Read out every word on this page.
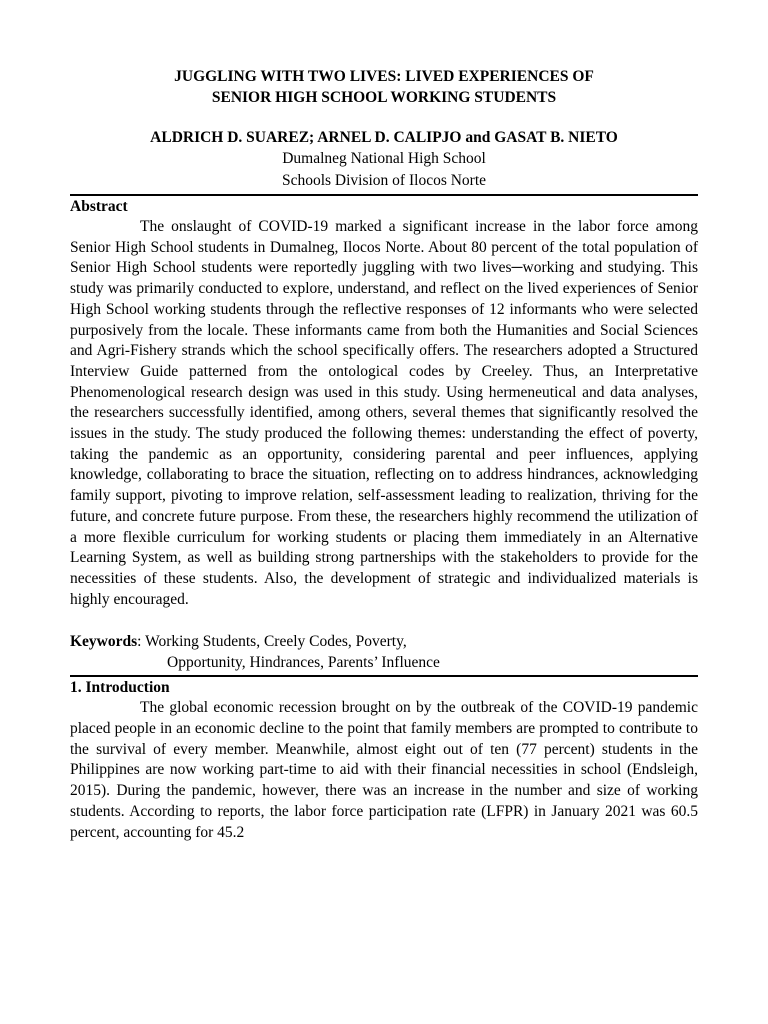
JUGGLING WITH TWO LIVES: LIVED EXPERIENCES OF
SENIOR HIGH SCHOOL WORKING STUDENTS
ALDRICH D. SUAREZ; ARNEL D. CALIPJO and GASAT B. NIETO
Dumalneg National High School
Schools Division of Ilocos Norte
Abstract

The onslaught of COVID-19 marked a significant increase in the labor force among Senior High School students in Dumalneg, Ilocos Norte. About 80 percent of the total population of Senior High School students were reportedly juggling with two lives─working and studying. This study was primarily conducted to explore, understand, and reflect on the lived experiences of Senior High School working students through the reflective responses of 12 informants who were selected purposively from the locale. These informants came from both the Humanities and Social Sciences and Agri-Fishery strands which the school specifically offers. The researchers adopted a Structured Interview Guide patterned from the ontological codes by Creeley. Thus, an Interpretative Phenomenological research design was used in this study. Using hermeneutical and data analyses, the researchers successfully identified, among others, several themes that significantly resolved the issues in the study. The study produced the following themes: understanding the effect of poverty, taking the pandemic as an opportunity, considering parental and peer influences, applying knowledge, collaborating to brace the situation, reflecting on to address hindrances, acknowledging family support, pivoting to improve relation, self-assessment leading to realization, thriving for the future, and concrete future purpose. From these, the researchers highly recommend the utilization of a more flexible curriculum for working students or placing them immediately in an Alternative Learning System, as well as building strong partnerships with the stakeholders to provide for the necessities of these students. Also, the development of strategic and individualized materials is highly encouraged.

Keywords: Working Students, Creely Codes, Poverty,
Opportunity, Hindrances, Parents’ Influence
1. Introduction

The global economic recession brought on by the outbreak of the COVID-19 pandemic placed people in an economic decline to the point that family members are prompted to contribute to the survival of every member. Meanwhile, almost eight out of ten (77 percent) students in the Philippines are now working part-time to aid with their financial necessities in school (Endsleigh, 2015). During the pandemic, however, there was an increase in the number and size of working students. According to reports, the labor force participation rate (LFPR) in January 2021 was 60.5 percent, accounting for 45.2
